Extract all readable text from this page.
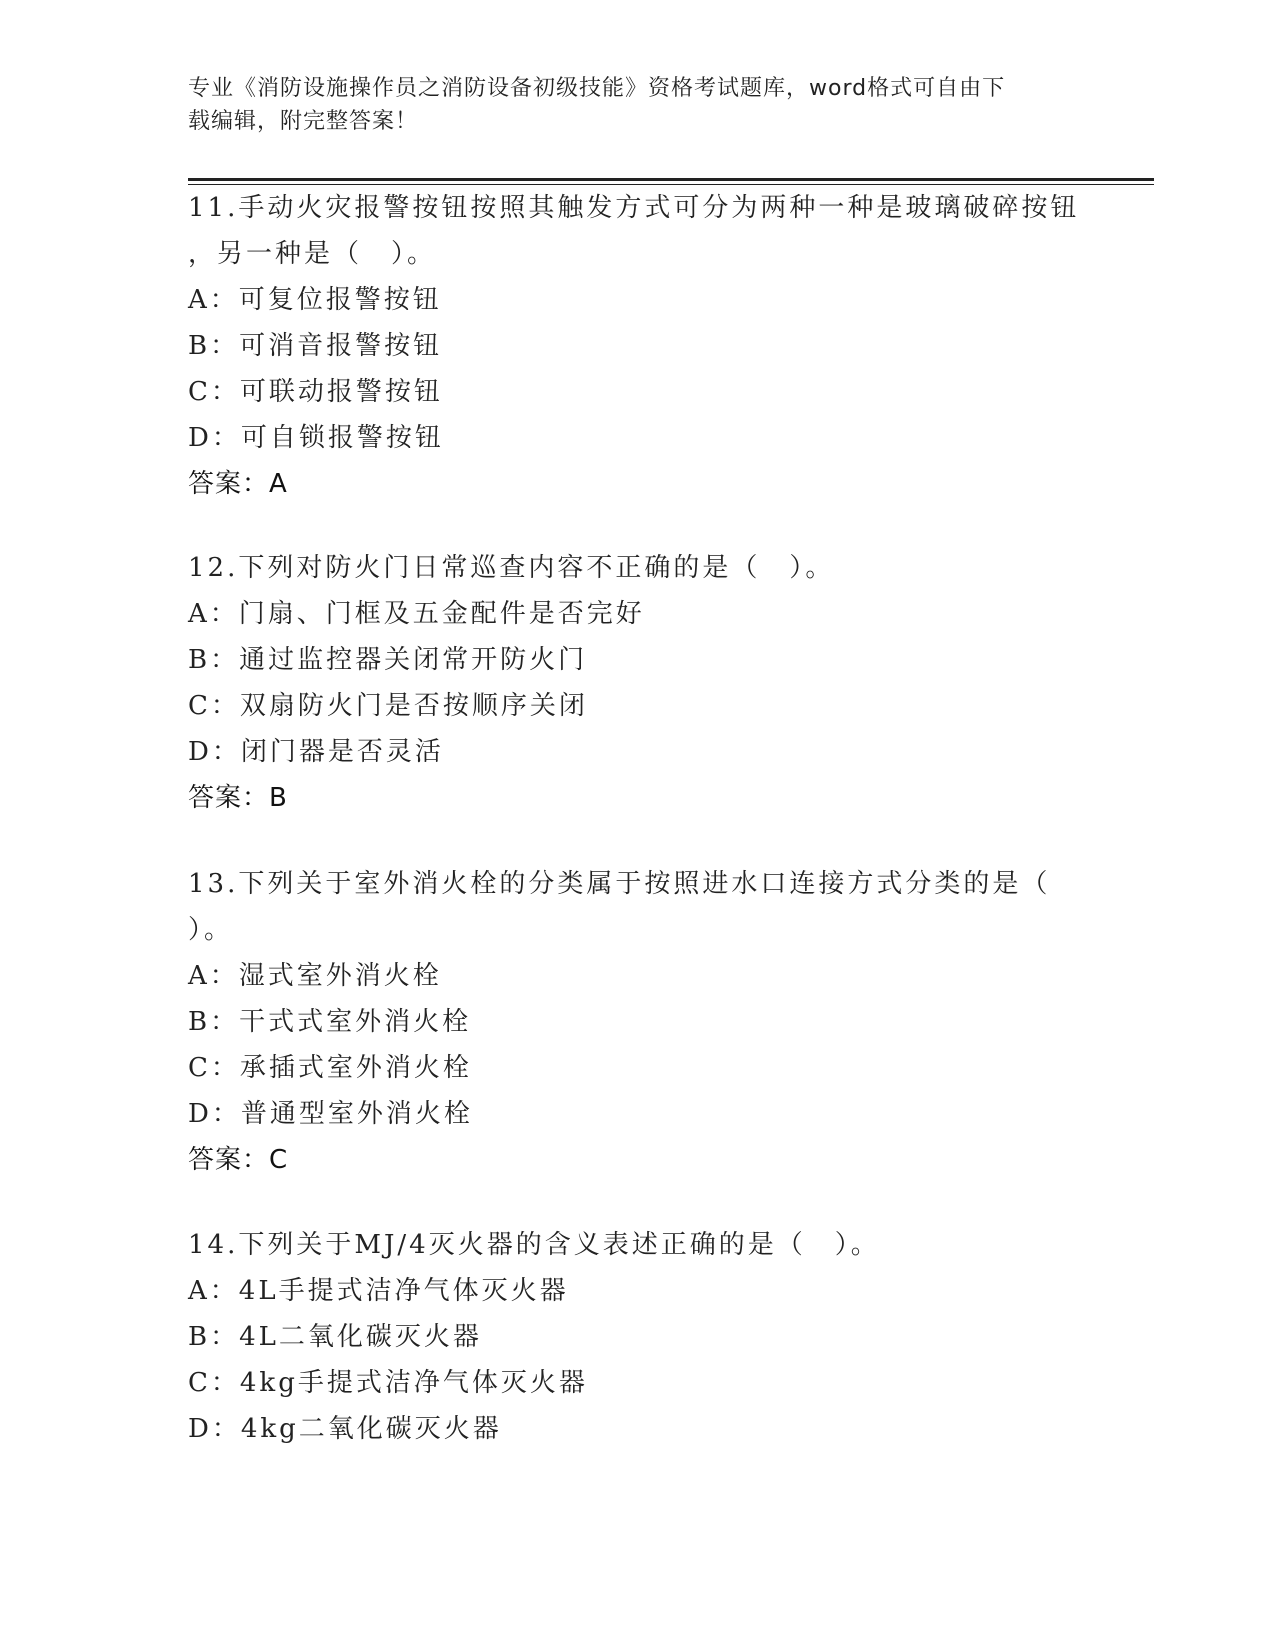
专业《消防设施操作员之消防设备初级技能》资格考试题库，word格式可自由下
载编辑，附完整答案！

11.手动火灾报警按钮按照其触发方式可分为两种一种是玻璃破碎按钮

，另一种是（　）。

A：可复位报警按钮

B：可消音报警按钮

C：可联动报警按钮

D：可自锁报警按钮

答案：A

12.下列对防火门日常巡查内容不正确的是（　）。

A：门扇、门框及五金配件是否完好

B：通过监控器关闭常开防火门

C：双扇防火门是否按顺序关闭

D：闭门器是否灵活

答案：B

13.下列关于室外消火栓的分类属于按照进水口连接方式分类的是（

）。

A：湿式室外消火栓

B：干式式室外消火栓

C：承插式室外消火栓

D：普通型室外消火栓

答案：C

14.下列关于MJ/4灭火器的含义表述正确的是（　）。

A：4L手提式洁净气体灭火器

B：4L二氧化碳灭火器

C：4kg手提式洁净气体灭火器

D：4kg二氧化碳灭火器
